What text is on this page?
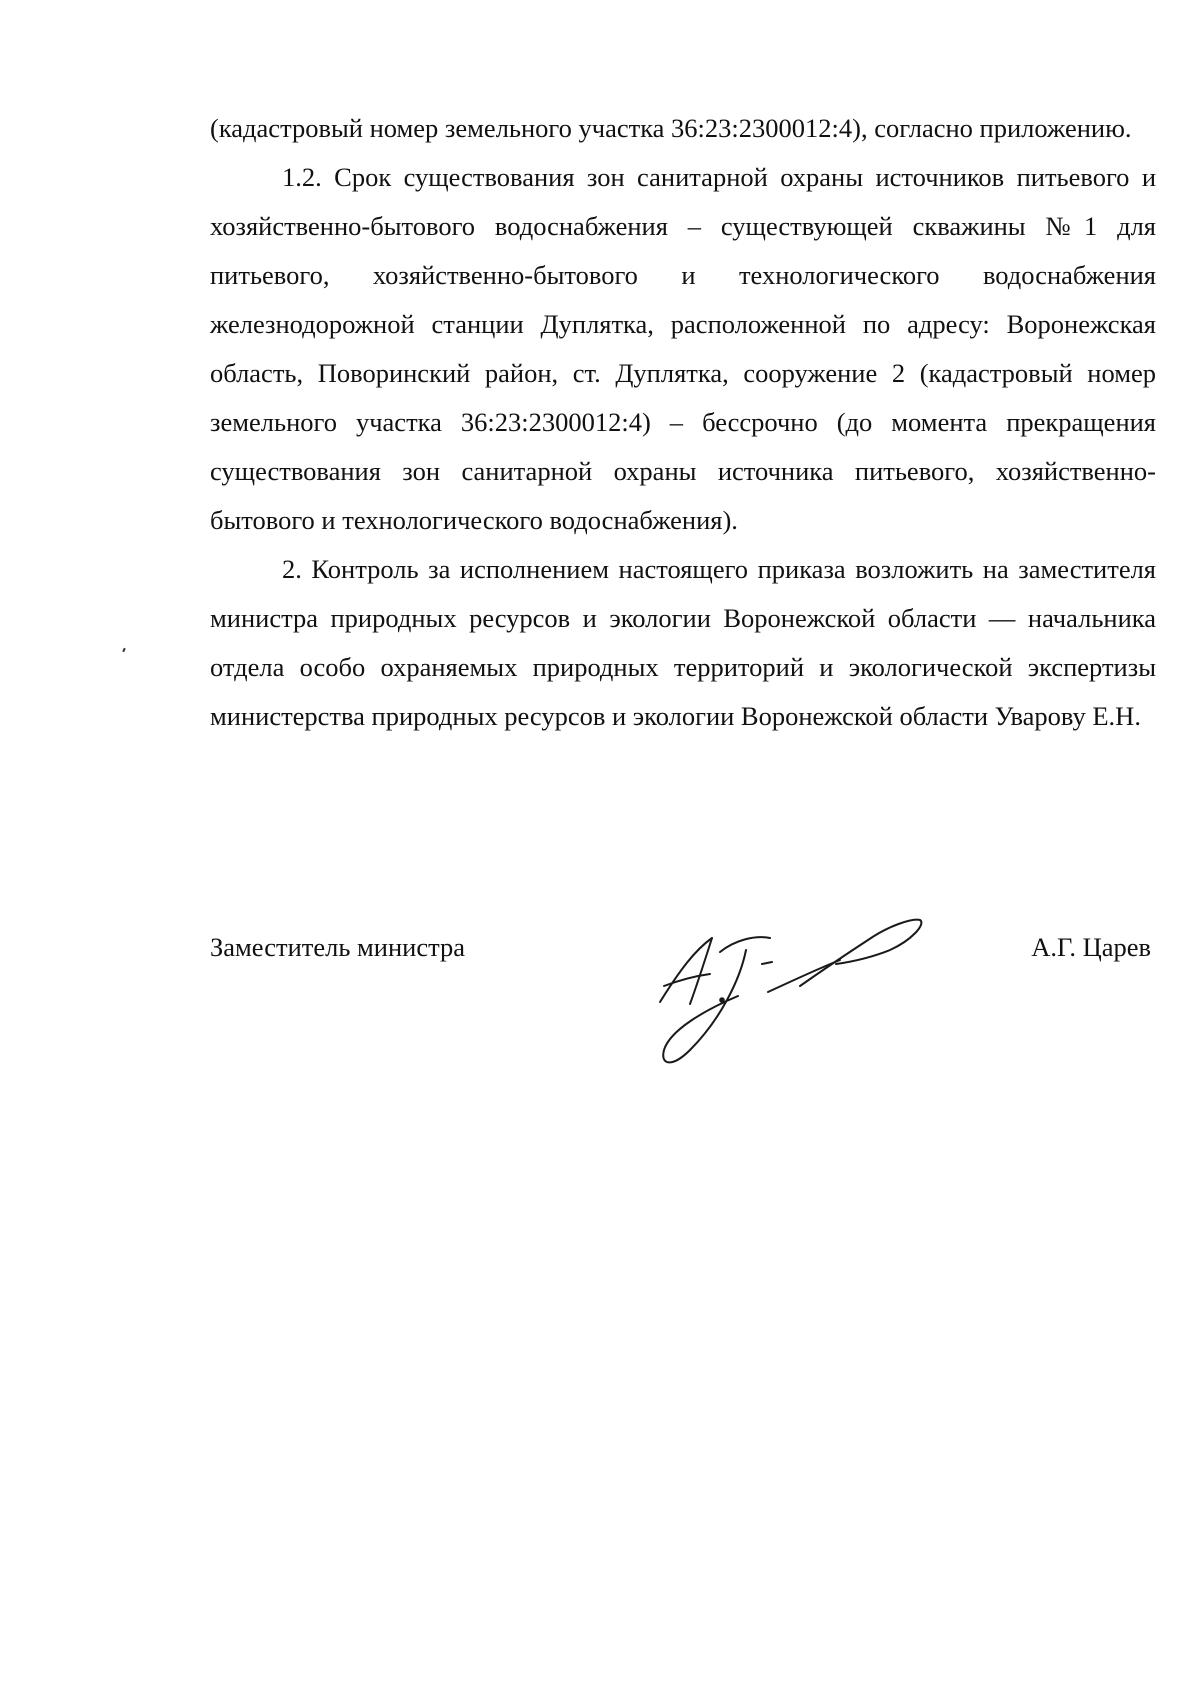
(кадастровый номер земельного участка 36:23:2300012:4), согласно приложению.

1.2. Срок существования зон санитарной охраны источников питьевого и хозяйственно-бытового водоснабжения – существующей скважины №1 для питьевого, хозяйственно-бытового и технологического водоснабжения железнодорожной станции Дуплятка, расположенной по адресу: Воронежская область, Поворинский район, ст. Дуплятка, сооружение 2 (кадастровый номер земельного участка 36:23:2300012:4) – бессрочно (до момента прекращения существования зон санитарной охраны источника питьевого, хозяйственно-бытового и технологического водоснабжения).

2. Контроль за исполнением настоящего приказа возложить на заместителя министра природных ресурсов и экологии Воронежской области — начальника отдела особо охраняемых природных территорий и экологической экспертизы министерства природных ресурсов и экологии Воронежской области Уварову Е.Н.

Заместитель министра	А.Г. Царев
